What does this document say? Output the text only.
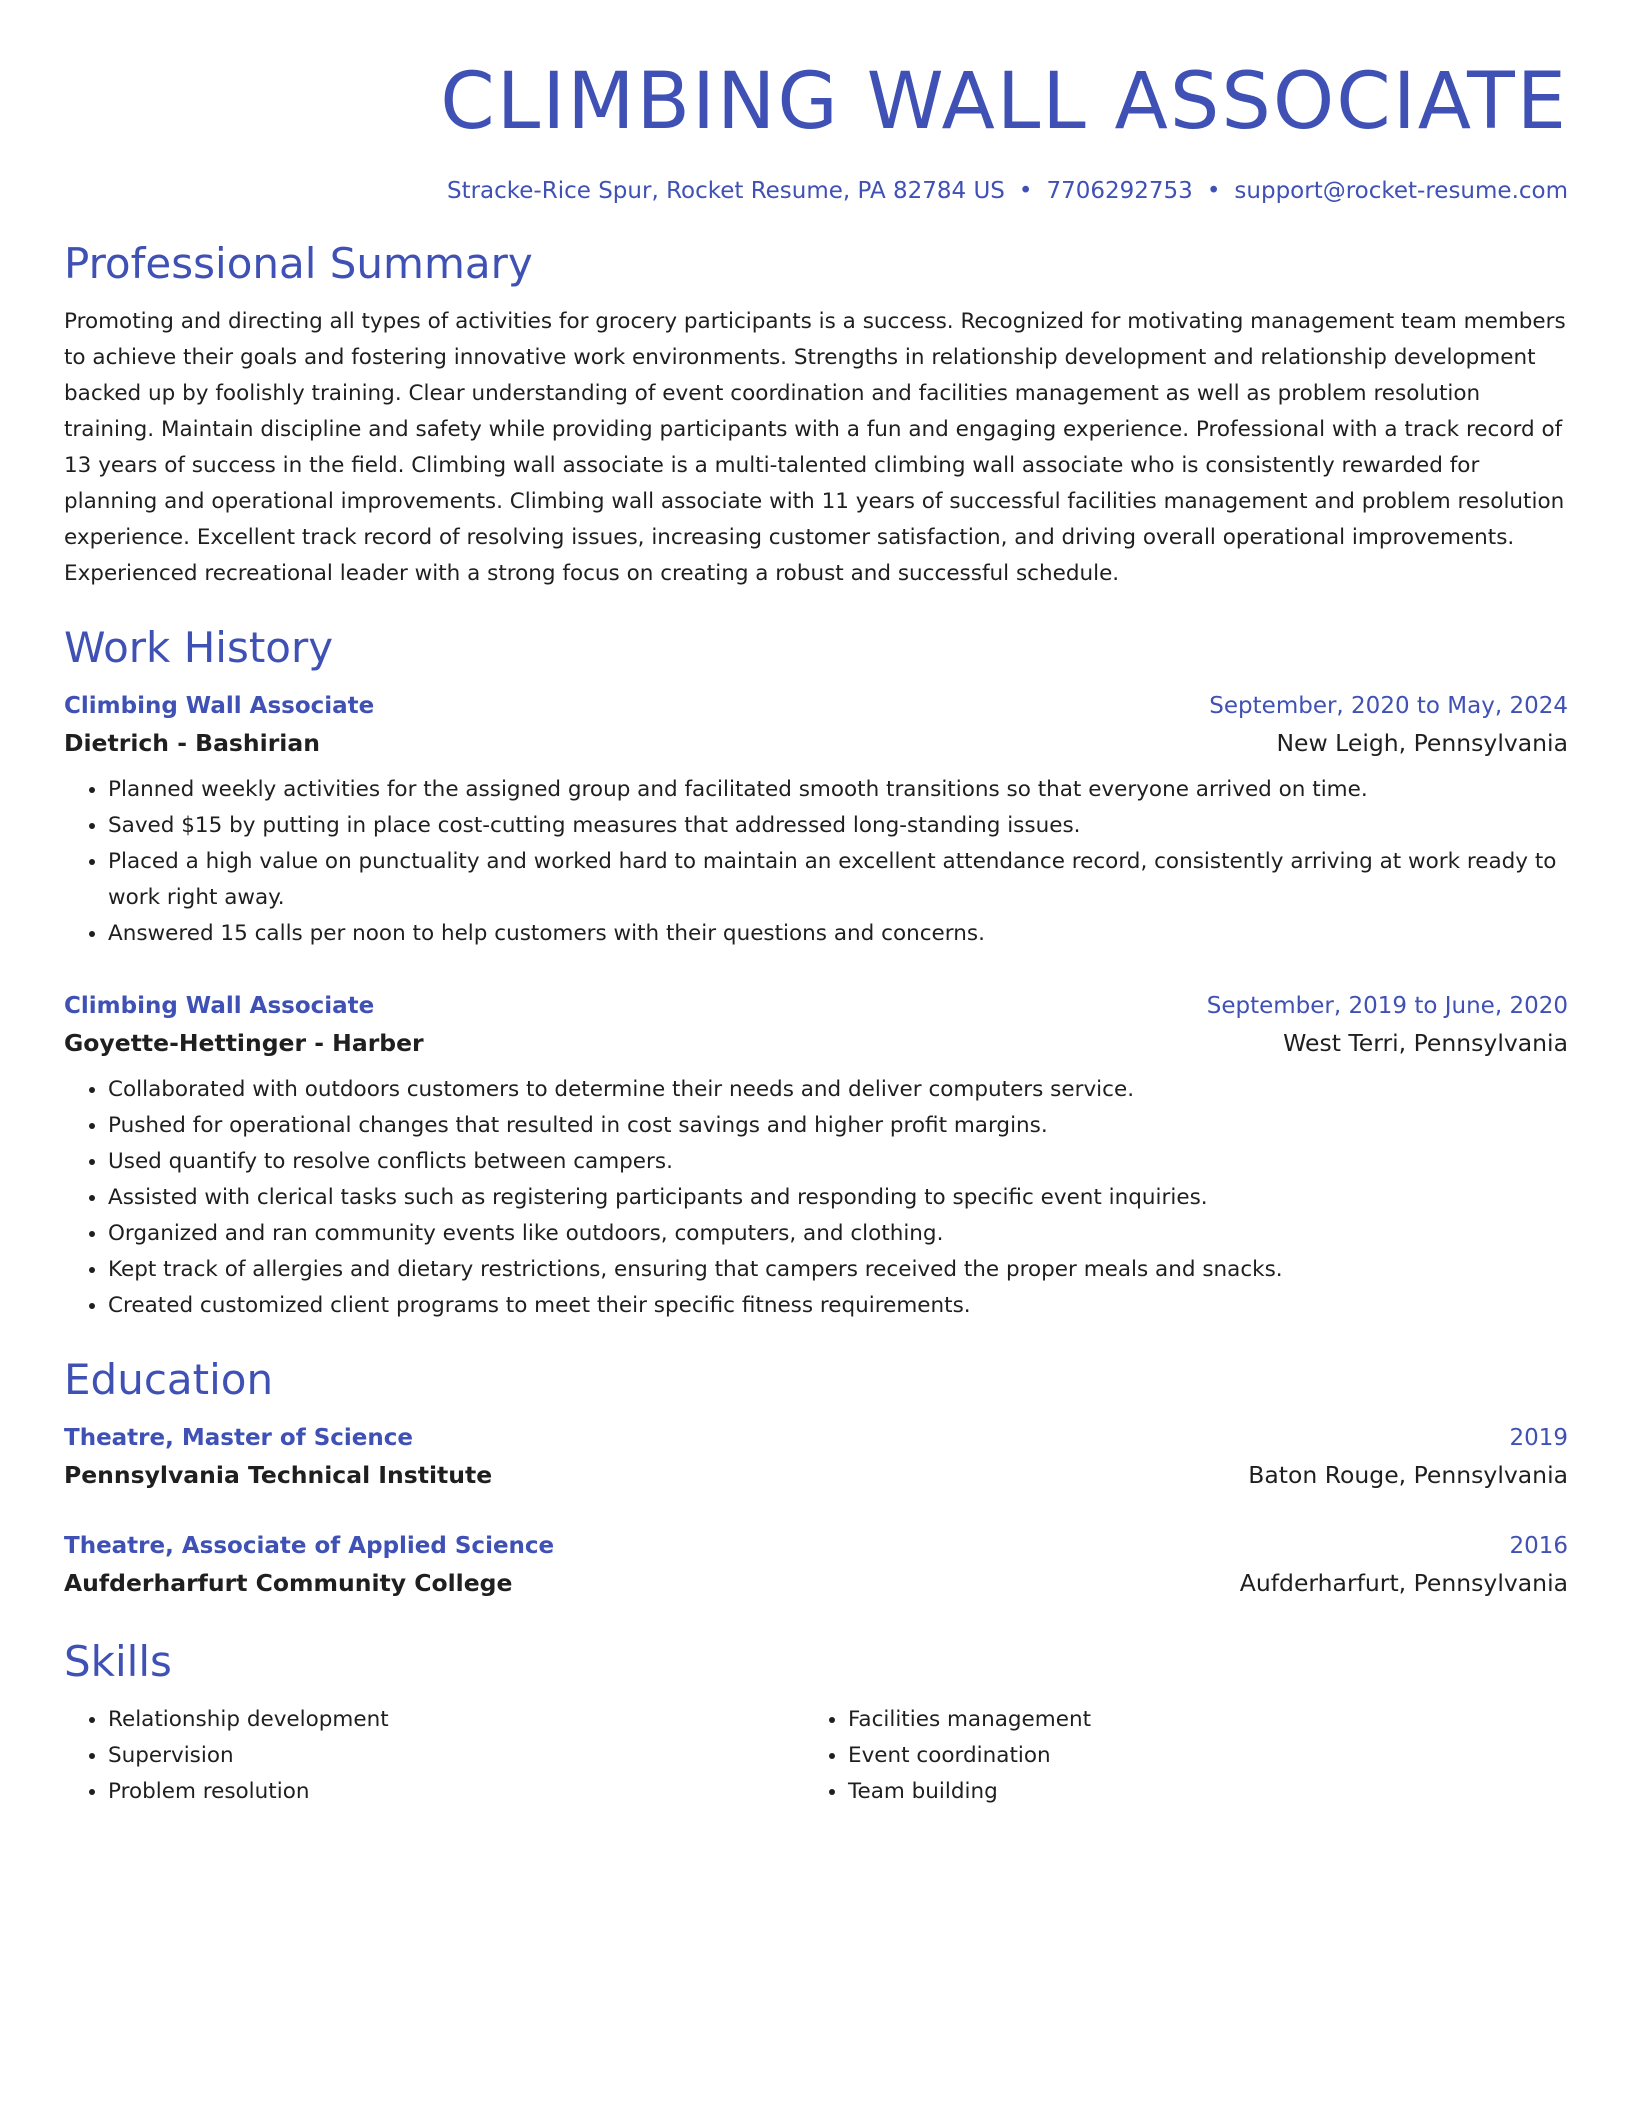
CLIMBING WALL ASSOCIATE
Stracke-Rice Spur, Rocket Resume, PA 82784 US • 7706292753 • support@rocket-resume.com
Professional Summary

Promoting and directing all types of activities for grocery participants is a success. Recognized for motivating management team members to achieve their goals and fostering innovative work environments. Strengths in relationship development and relationship development backed up by foolishly training. Clear understanding of event coordination and facilities management as well as problem resolution training. Maintain discipline and safety while providing participants with a fun and engaging experience. Professional with a track record of 13 years of success in the field. Climbing wall associate is a multi-talented climbing wall associate who is consistently rewarded for planning and operational improvements. Climbing wall associate with 11 years of successful facilities management and problem resolution experience. Excellent track record of resolving issues, increasing customer satisfaction, and driving overall operational improvements. Experienced recreational leader with a strong focus on creating a robust and successful schedule.

Work History
Climbing Wall Associate	September, 2020 to May, 2024
Dietrich - Bashirian	New Leigh, Pennsylvania
• Planned weekly activities for the assigned group and facilitated smooth transitions so that everyone arrived on time.
• Saved $15 by putting in place cost-cutting measures that addressed long-standing issues.
• Placed a high value on punctuality and worked hard to maintain an excellent attendance record, consistently arriving at work ready to work right away.
• Answered 15 calls per noon to help customers with their questions and concerns.
Climbing Wall Associate	September, 2019 to June, 2020
Goyette-Hettinger - Harber	West Terri, Pennsylvania
• Collaborated with outdoors customers to determine their needs and deliver computers service.
• Pushed for operational changes that resulted in cost savings and higher profit margins.
• Used quantify to resolve conflicts between campers.
• Assisted with clerical tasks such as registering participants and responding to specific event inquiries.
• Organized and ran community events like outdoors, computers, and clothing.
• Kept track of allergies and dietary restrictions, ensuring that campers received the proper meals and snacks.
• Created customized client programs to meet their specific fitness requirements.
Education
Theatre, Master of Science	2019
Pennsylvania Technical Institute	Baton Rouge, Pennsylvania
Theatre, Associate of Applied Science	2016
Aufderharfurt Community College	Aufderharfurt, Pennsylvania
Skills
• Relationship development
• Supervision
• Problem resolution
• Facilities management
• Event coordination
• Team building
